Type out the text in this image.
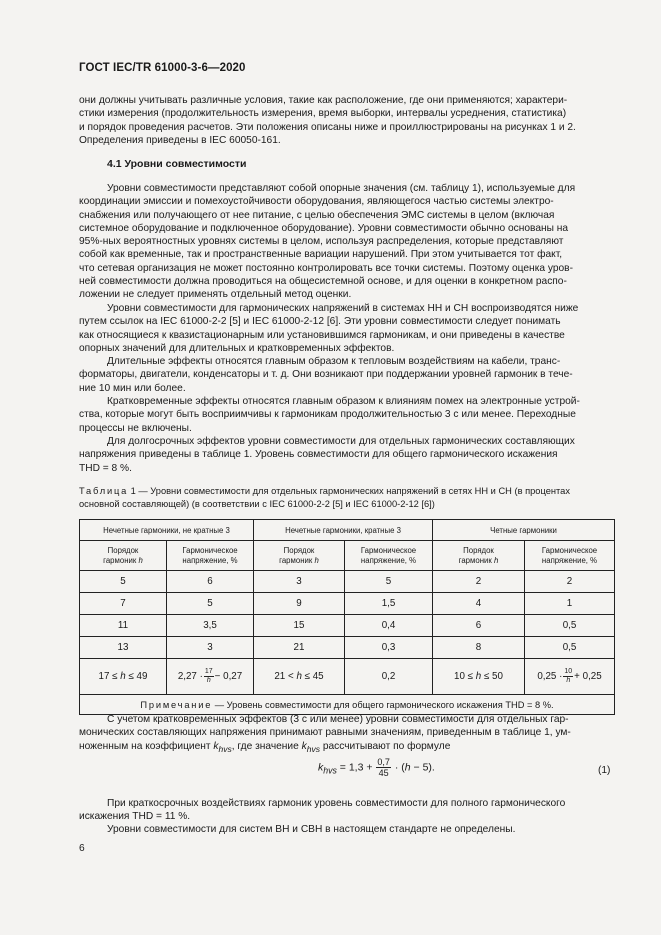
ГОСТ IEC/TR 61000-3-6—2020
они должны учитывать различные условия, такие как расположение, где они применяются; характери-
стики измерения (продолжительность измерения, время выборки, интервалы усреднения, статистика)
и порядок проведения расчетов. Эти положения описаны ниже и проиллюстрированы на рисунках 1 и 2.
Определения приведены в IEC 60050-161.
4.1 Уровни совместимости
Уровни совместимости представляют собой опорные значения (см. таблицу 1), используемые для
координации эмиссии и помехоустойчивости оборудования, являющегося частью системы электро-
снабжения или получающего от нее питание, с целью обеспечения ЭМС системы в целом (включая
системное оборудование и подключенное оборудование). Уровни совместимости обычно основаны на
95%-ных вероятностных уровнях системы в целом, используя распределения, которые представляют
собой как временные, так и пространственные вариации нарушений. При этом учитывается тот факт,
что сетевая организация не может постоянно контролировать все точки системы. Поэтому оценка уров-
ней совместимости должна проводиться на общесистемной основе, и для оценки в конкретном распо-
ложении не следует применять отдельный метод оценки.
Уровни совместимости для гармонических напряжений в системах НН и СН воспроизводятся ниже
путем ссылок на IEC 61000-2-2 [5] и IEC 61000-2-12 [6]. Эти уровни совместимости следует понимать
как относящиеся к квазистационарным или установившимся гармоникам, и они приведены в качестве
опорных значений для длительных и кратковременных эффектов.
Длительные эффекты относятся главным образом к тепловым воздействиям на кабели, транс-
форматоры, двигатели, конденсаторы и т. д. Они возникают при поддержании уровней гармоник в тече-
ние 10 мин или более.
Кратковременные эффекты относятся главным образом к влияниям помех на электронные устрой-
ства, которые могут быть восприимчивы к гармоникам продолжительностью 3 с или менее. Переходные
процессы не включены.
Для долгосрочных эффектов уровни совместимости для отдельных гармонических составляющих
напряжения приведены в таблице 1. Уровень совместимости для общего гармонического искажения
THD = 8 %.
Таблица 1 — Уровни совместимости для отдельных гармонических напряжений в сетях НН и СН (в процентах
основной составляющей) (в соответствии с IEC 61000-2-2 [5] и IEC 61000-2-12 [6])
Нечетные гармоники, не кратные 3		Нечетные гармоники, кратные 3		Четные гармоники	
Порядок
гармоник h	Гармоническое
напряжение, %	Порядок
гармоник h	Гармоническое
напряжение, %	Порядок
гармоник h	Гармоническое
напряжение, %
5	6	3	5	2	2
7	5	9	1,5	4	1
11	3,5	15	0,4	6	0,5
13	3	21	0,3	8	0,5
17 ≤ h ≤ 49	$2,27 \cdot \frac{17}{h} - 0,27$	21 < h ≤ 45	0,2	10 ≤ h ≤ 50	$0,25 \cdot \frac{10}{h} + 0,25$
Примечание — Уровень совместимости для общего гармонического искажения THD = 8 %.					
С учетом кратковременных эффектов (3 с или менее) уровни совместимости для отдельных гар-
монических составляющих напряжения принимают равными значениям, приведенным в таблице 1, ум-
ноженным на коэффициент $k_{hvs}$, где значение $k_{hvs}$ рассчитывают по формуле
$k_{hvs} = 1,3 + \frac{0,7}{45} \cdot (h - 5)$.	(1)
При краткосрочных воздействиях гармоник уровень совместимости для полного гармонического
искажения THD = 11 %.
Уровни совместимости для систем ВН и СВН в настоящем стандарте не определены.
6
